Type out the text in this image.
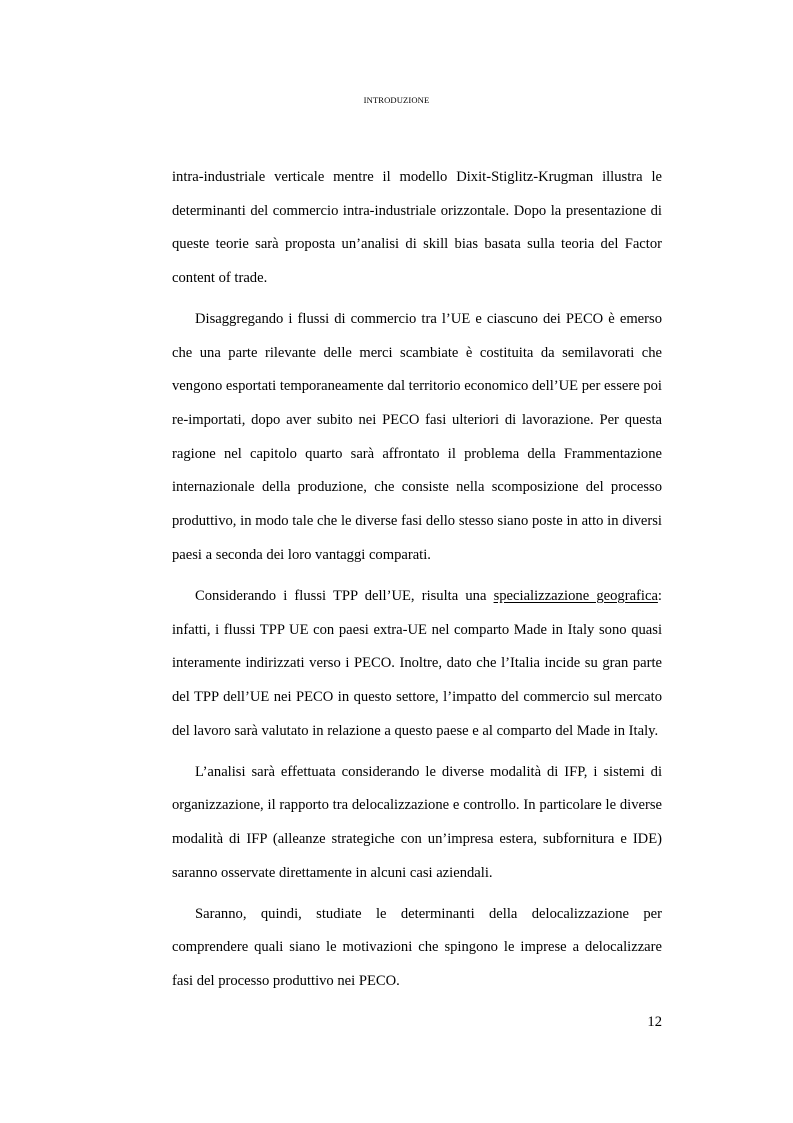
INTRODUZIONE

intra-industriale verticale mentre il modello Dixit-Stiglitz-Krugman illustra le determinanti del commercio intra-industriale orizzontale. Dopo la presentazione di queste teorie sarà proposta un’analisi di skill bias basata sulla teoria del Factor content of trade.

Disaggregando i flussi di commercio tra l’UE e ciascuno dei PECO è emerso che una parte rilevante delle merci scambiate è costituita da semilavorati che vengono esportati temporaneamente dal territorio economico dell’UE per essere poi re-importati, dopo aver subito nei PECO fasi ulteriori di lavorazione. Per questa ragione nel capitolo quarto sarà affrontato il problema della Frammentazione internazionale della produzione, che consiste nella scomposizione del processo produttivo, in modo tale che le diverse fasi dello stesso siano poste in atto in diversi paesi a seconda dei loro vantaggi comparati.

Considerando i flussi TPP dell’UE, risulta una specializzazione geografica: infatti, i flussi TPP UE con paesi extra-UE nel comparto Made in Italy sono quasi interamente indirizzati verso i PECO. Inoltre, dato che l’Italia incide su gran parte del TPP dell’UE nei PECO in questo settore, l’impatto del commercio sul mercato del lavoro sarà valutato in relazione a questo paese e al comparto del Made in Italy.

L’analisi sarà effettuata considerando le diverse modalità di IFP, i sistemi di organizzazione, il rapporto tra delocalizzazione e controllo. In particolare le diverse modalità di IFP (alleanze strategiche con un’impresa estera, subfornitura e IDE) saranno osservate direttamente in alcuni casi aziendali.

Saranno, quindi, studiate le determinanti della delocalizzazione per comprendere quali siano le motivazioni che spingono le imprese a delocalizzare fasi del processo produttivo nei PECO.

12
